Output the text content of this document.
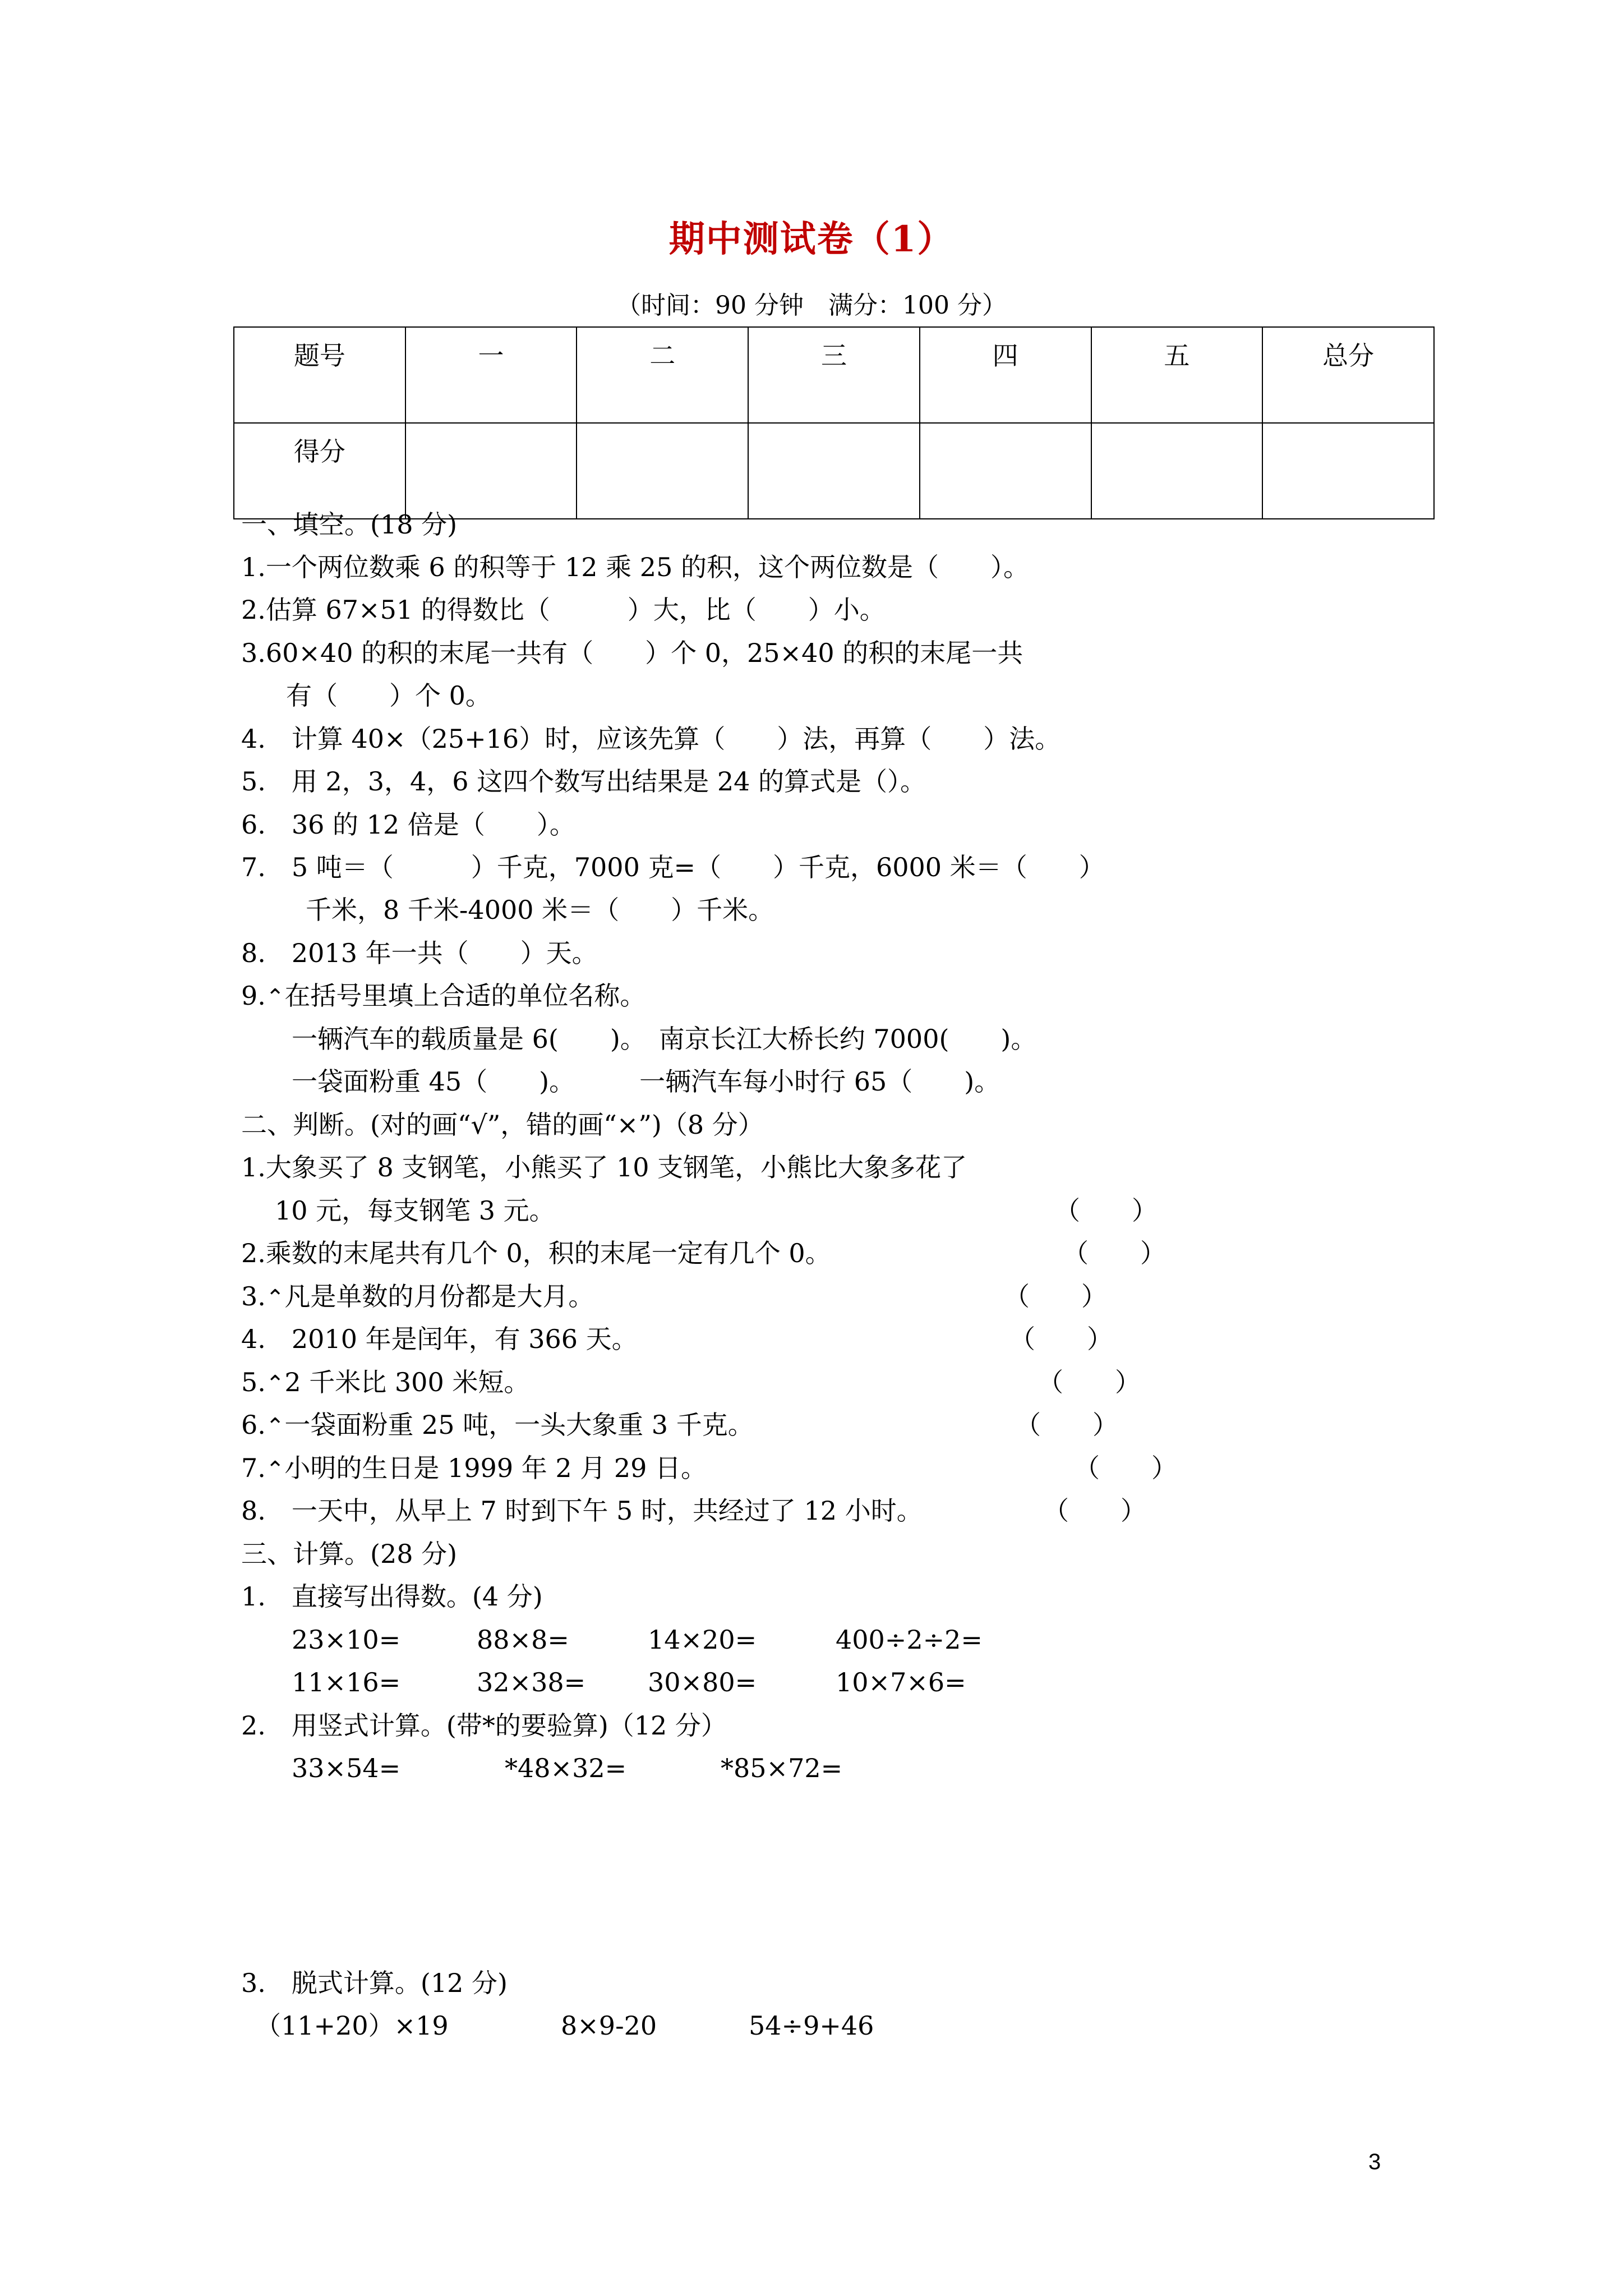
期中测试卷（1）
（时间：90 分钟　满分：100 分）
题号	一	二	三	四	五	总分
得分						
一、填空。(18 分)
1.一个两位数乘 6 的积等于 12 乘 25 的积，这个两位数是（　　）。
2.估算 67×51 的得数比（　　　）大，比（　　）小。
3.60×40 的积的末尾一共有（　　）个 0，25×40 的积的末尾一共
有（　　）个 0。
4.　计算 40×（25+16）时，应该先算（　　）法，再算（　　）法。
5.　用 2，3，4，6 这四个数写出结果是 24 的算式是（）。
6.　36 的 12 倍是（　　）。
7.　5 吨＝（　　　）千克，7000 克=（　　）千克，6000 米＝（　　）
千米，8 千米-4000 米＝（　　）千米。
8.　2013 年一共（　　）天。
9.⌃在括号里填上合适的单位名称。
一辆汽车的载质量是 6(　　)。　南京长江大桥长约 7000(　　)。
一袋面粉重 45（　　)。　　　一辆汽车每小时行 65（　　)。
二、判断。(对的画“√”，错的画“×”)（8 分）
1.大象买了 8 支钢笔，小熊买了 10 支钢笔，小熊比大象多花了
10 元，每支钢笔 3 元。	（　　）
2.乘数的末尾共有几个 0，积的末尾一定有几个 0。	（　　）
3.⌃凡是单数的月份都是大月。	（　　）
4.　2010 年是闰年，有 366 天。	（　　）
5.⌃2 千米比 300 米短。	（　　）
6.⌃一袋面粉重 25 吨，一头大象重 3 千克。	（　　）
7.⌃小明的生日是 1999 年 2 月 29 日。	（　　）
8.　一天中，从早上 7 时到下午 5 时，共经过了 12 小时。	（　　）
三、计算。(28 分)
1.　直接写出得数。(4 分)
23×10=	88×8=	14×20=	400÷2÷2=
11×16=	32×38= 30×80=	10×7×6=
2.　用竖式计算。(带*的要验算)（12 分）
33×54=	*48×32=	*85×72=
3.　脱式计算。(12 分)
（11+20）×19	8×9-20	54÷9+46
3
